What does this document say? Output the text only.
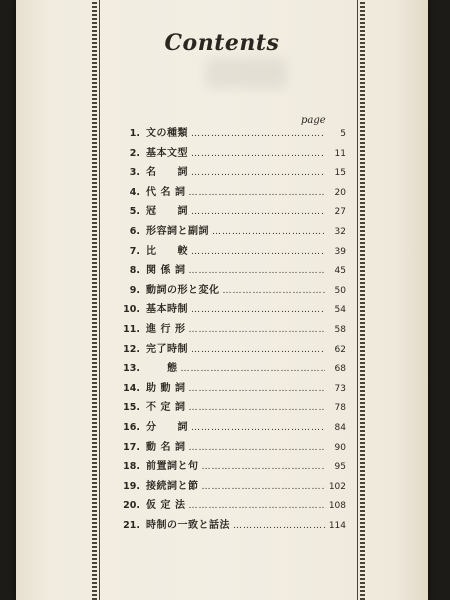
Contents
page
1. 文の種類 …………………………………………………………	5
2. 基本文型 …………………………………………………………	11
3. 名　　詞 …………………………………………………………	15
4. 代 名 詞 …………………………………………………………	20
5. 冠　　詞 …………………………………………………………	27
6. 形容詞と副詞 …………………………………………………………	32
7. 比　　較 …………………………………………………………	39
8. 関 係 詞 …………………………………………………………	45
9. 動詞の形と変化 …………………………………………………………	50
10. 基本時制 …………………………………………………………	54
11. 進 行 形 …………………………………………………………	58
12. 完了時制 …………………………………………………………	62
13. 　　態 …………………………………………………………	68
14. 助 動 詞 …………………………………………………………	73
15. 不 定 詞 …………………………………………………………	78
16. 分　　詞 …………………………………………………………	84
17. 動 名 詞 …………………………………………………………	90
18. 前置詞と句 …………………………………………………………	95
19. 接続詞と節 …………………………………………………………	102
20. 仮 定 法 …………………………………………………………	108
21. 時制の一致と話法 …………………………………………………………	114
